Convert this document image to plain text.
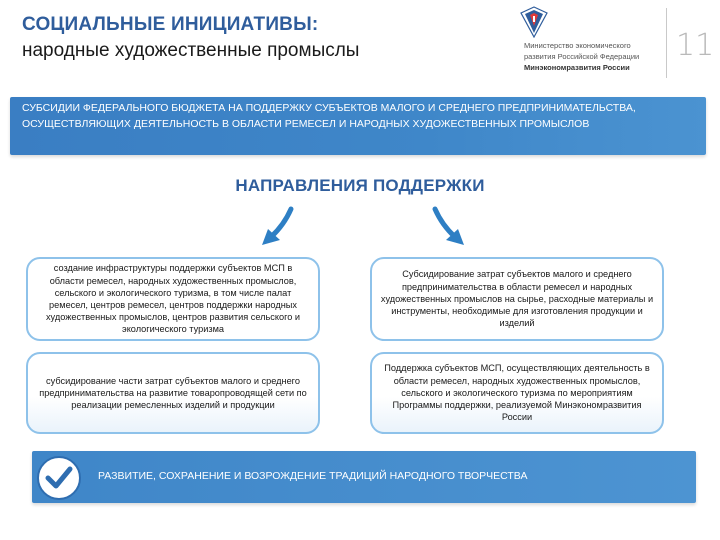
СОЦИАЛЬНЫЕ ИНИЦИАТИВЫ:
народные художественные промыслы	Министерство экономического
развития Российской Федерации
Минэкономразвития России
11
СУБСИДИИ ФЕДЕРАЛЬНОГО БЮДЖЕТА НА ПОДДЕРЖКУ СУБЪЕКТОВ МАЛОГО И СРЕДНЕГО ПРЕДПРИНИМАТЕЛЬСТВА, ОСУЩЕСТВЛЯЮЩИХ ДЕЯТЕЛЬНОСТЬ В ОБЛАСТИ РЕМЕСЕЛ И НАРОДНЫХ ХУДОЖЕСТВЕННЫХ ПРОМЫСЛОВ
НАПРАВЛЕНИЯ ПОДДЕРЖКИ
создание инфраструктуры поддержки субъектов МСП в области ремесел, народных художественных промыслов, сельского и экологического туризма, в том числе палат ремесел, центров ремесел, центров поддержки народных художественных промыслов, центров развития сельского и экологического туризма
Субсидирование затрат субъектов малого и среднего предпринимательства в области ремесел и народных художественных промыслов на сырье, расходные материалы и инструменты, необходимые для изготовления продукции и изделий
субсидирование части затрат субъектов малого и среднего предпринимательства на развитие товаропроводящей сети по реализации ремесленных изделий и продукции
Поддержка субъектов МСП, осуществляющих деятельность в области ремесел, народных художественных промыслов, сельского и экологического туризма по мероприятиям Программы поддержки, реализуемой Минэкономразвития России
РАЗВИТИЕ, СОХРАНЕНИЕ И ВОЗРОЖДЕНИЕ ТРАДИЦИЙ НАРОДНОГО ТВОРЧЕСТВА
